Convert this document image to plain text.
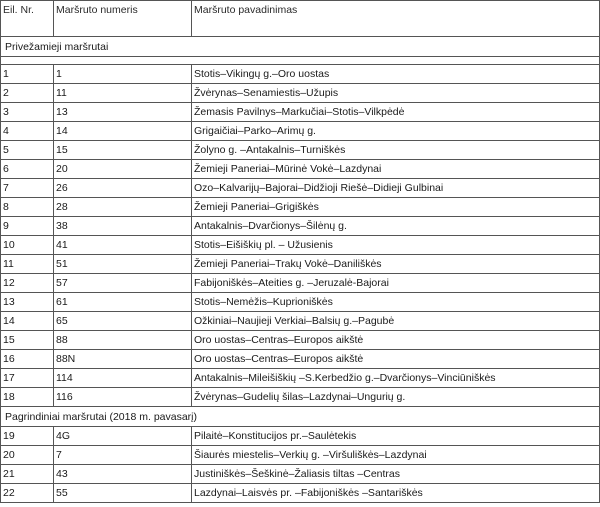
Eil. Nr.	Maršruto numeris	Maršruto pavadinimas
Privežamieji maršrutai		

1	1	Stotis–Vikingų g.–Oro uostas
2	11	Žvėrynas–Senamiestis–Užupis
3	13	Žemasis Pavilnys–Markučiai–Stotis–Vilkpėdė
4	14	Grigaičiai–Parko–Arimų g.
5	15	Žolyno g. –Antakalnis–Turniškės
6	20	Žemieji Paneriai–Mūrinė Vokė–Lazdynai
7	26	Ozo–Kalvarijų–Bajorai–Didžioji Riešė–Didieji Gulbinai
8	28	Žemieji Paneriai–Grigiškės
9	38	Antakalnis–Dvarčionys–Šilėnų g.
10	41	Stotis–Eišiškių pl. – Užusienis
11	51	Žemieji Paneriai–Trakų Vokė–Daniliškės
12	57	Fabijoniškės–Ateities g. –Jeruzalė-Bajorai
13	61	Stotis–Nemėžis–Kuprioniškės
14	65	Ožkiniai–Naujieji Verkiai–Balsių g.–Pagubė
15	88	Oro uostas–Centras–Europos aikštė
16	88N	Oro uostas–Centras–Europos aikštė
17	114	Antakalnis–Mileišiškių –S.Kerbedžio g.–Dvarčionys–Vinciūniškės
18	116	Žvėrynas–Gudelių šilas–Lazdynai–Ungurių g.
Pagrindiniai maršrutai (2018 m. pavasarį)		
19	4G	Pilaitė–Konstitucijos pr.–Saulėtekis
20	7	Šiaurės miestelis–Verkių g. –Viršuliškės–Lazdynai
21	43	Justiniškės–Šeškinė–Žaliasis tiltas –Centras
22	55	Lazdynai–Laisvės pr. –Fabijoniškės –Santariškės
